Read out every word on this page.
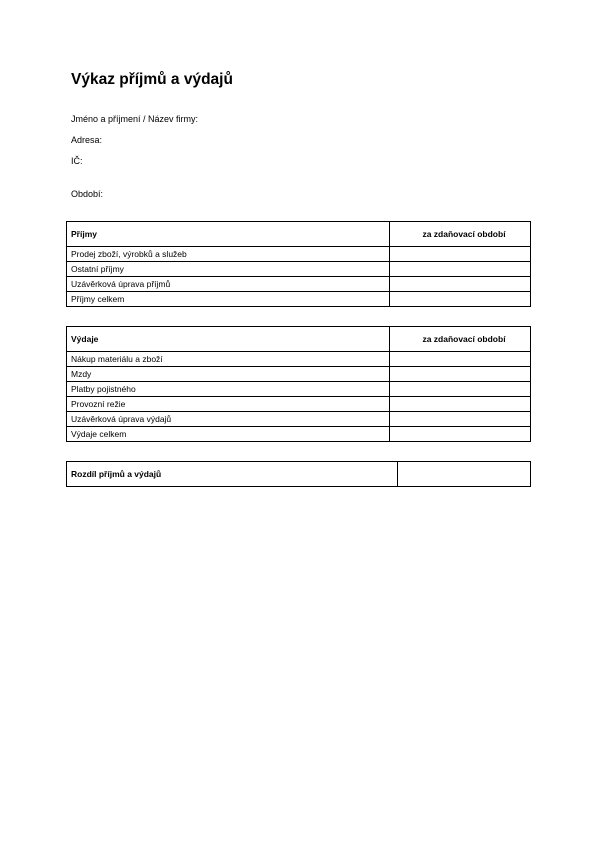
Výkaz příjmů a výdajů
Jméno a příjmení / Název firmy:
Adresa:
IČ:
Období:
Příjmy	za zdaňovací období
Prodej zboží, výrobků a služeb	
Ostatní příjmy	
Uzávěrková úprava příjmů	
Příjmy celkem	
Výdaje	za zdaňovací období
Nákup materiálu a zboží	
Mzdy	
Platby pojistného	
Provozní režie	
Uzávěrková úprava výdajů	
Výdaje celkem	
Rozdíl příjmů a výdajů	
